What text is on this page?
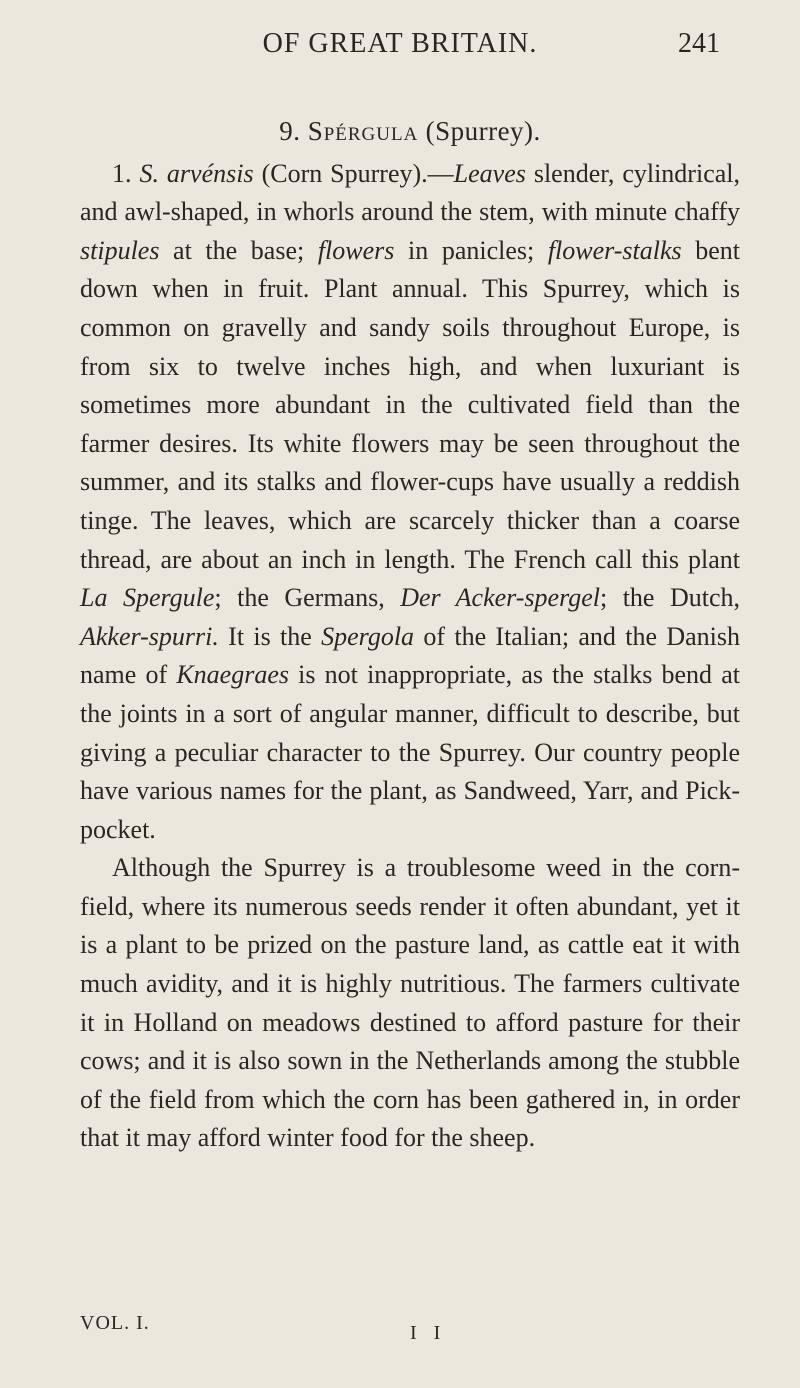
OF GREAT BRITAIN.	241
9. Spérgula (Spurrey).

1. S. arvénsis (Corn Spurrey).—Leaves slender, cylindrical, and awl-shaped, in whorls around the stem, with minute chaffy stipules at the base; flowers in panicles; flower-stalks bent down when in fruit. Plant annual. This Spurrey, which is common on gravelly and sandy soils throughout Europe, is from six to twelve inches high, and when luxuriant is sometimes more abundant in the cultivated field than the farmer desires. Its white flowers may be seen throughout the summer, and its stalks and flower-cups have usually a reddish tinge. The leaves, which are scarcely thicker than a coarse thread, are about an inch in length. The French call this plant La Spergule; the Germans, Der Acker-spergel; the Dutch, Akker-spurri. It is the Spergola of the Italian; and the Danish name of Knaegraes is not inappropriate, as the stalks bend at the joints in a sort of angular manner, difficult to describe, but giving a peculiar character to the Spurrey. Our country people have various names for the plant, as Sandweed, Yarr, and Pick-pocket.

Although the Spurrey is a troublesome weed in the corn-field, where its numerous seeds render it often abundant, yet it is a plant to be prized on the pasture land, as cattle eat it with much avidity, and it is highly nutritious. The farmers cultivate it in Holland on meadows destined to afford pasture for their cows; and it is also sown in the Netherlands among the stubble of the field from which the corn has been gathered in, in order that it may afford winter food for the sheep.

VOL. I.	I I
